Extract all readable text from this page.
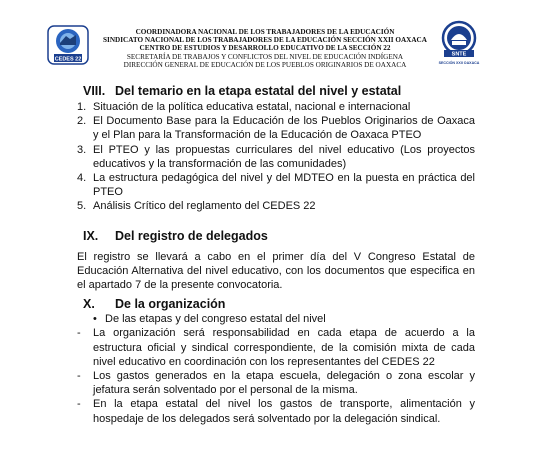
CEDES 22
COORDINADORA NACIONAL DE LOS TRABAJADORES DE LA EDUCACIÓN
SINDICATO NACIONAL DE LOS TRABAJADORES DE LA EDUCACIÓN SECCIÓN XXII OAXACA
CENTRO DE ESTUDIOS Y DESARROLLO EDUCATIVO DE LA SECCIÓN 22
SECRETARÍA DE TRABAJOS Y CONFLICTOS DEL NIVEL DE EDUCACIÓN INDÍGENA
DIRECCIÓN GENERAL DE EDUCACIÓN DE LOS PUEBLOS ORIGINARIOS DE OAXACA
SNTE
SECCIÓN XXII OAXACA
VIII. Del temario en la etapa estatal del nivel y estatal
1. Situación de la política educativa estatal, nacional e internacional
2. El Documento Base para la Educación de los Pueblos Originarios de Oaxaca y el Plan para la Transformación de la Educación de Oaxaca PTEO
3. El PTEO y las propuestas curriculares del nivel educativo (Los proyectos educativos y la transformación de las comunidades)
4. La estructura pedagógica del nivel y del MDTEO en la puesta en práctica del PTEO
5. Análisis Crítico del reglamento del CEDES 22
IX.	Del registro de delegados

El registro se llevará a cabo en el primer día del V Congreso Estatal de Educación Alternativa del nivel educativo, con los documentos que especifica en el apartado 7 de la presente convocatoria.

X.	De la organización
• De las etapas y del congreso estatal del nivel
- La organización será responsabilidad en cada etapa de acuerdo a la estructura oficial y sindical correspondiente, de la comisión mixta de cada nivel educativo en coordinación con los representantes del CEDES 22
- Los gastos generados en la etapa escuela, delegación o zona escolar y jefatura serán solventado por el personal de la misma.
- En la etapa estatal del nivel los gastos de transporte, alimentación y hospedaje de los delegados será solventado por la delegación sindical.
